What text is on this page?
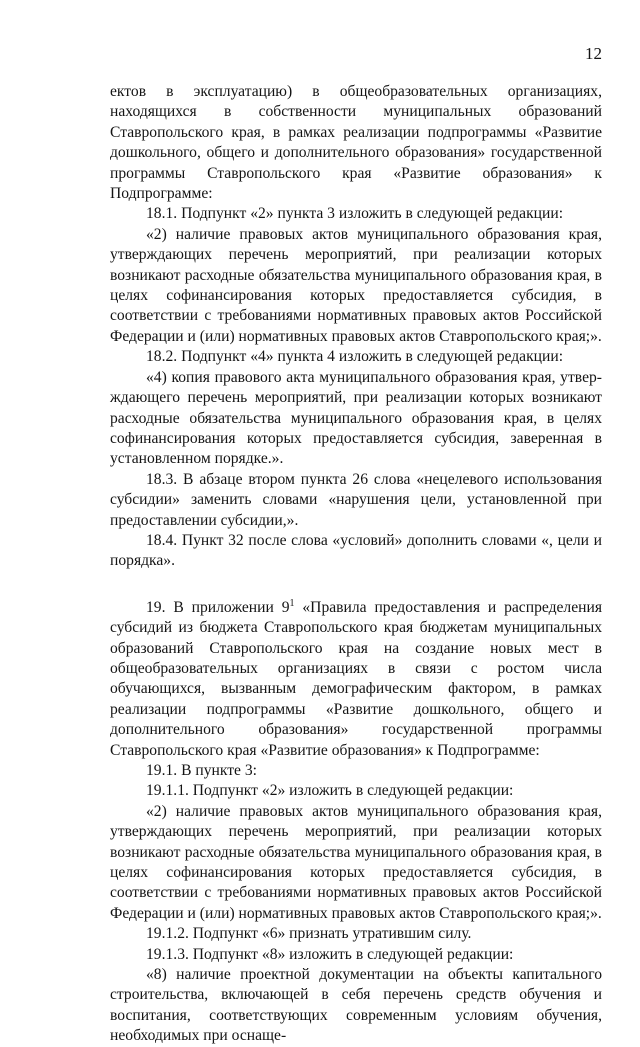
12

ектов в эксплуатацию) в общеобразовательных организациях, находящихся в собственности муниципальных образований Ставропольского края, в рамках реализации подпрограммы «Развитие дошкольного, общего и дополнительного образования» государственной программы Ставропольского края «Развитие образования» к Подпрограмме:

18.1. Подпункт «2» пункта 3 изложить в следующей редакции:

«2) наличие правовых актов муниципального образования края, утверждающих перечень мероприятий, при реализации которых возникают расходные обязательства муниципального образования края, в целях софинансирования которых предоставляется субсидия, в соответствии с требованиями нормативных правовых актов Российской Федерации и (или) нормативных правовых актов Ставропольского края;».

18.2. Подпункт «4» пункта 4 изложить в следующей редакции:

«4) копия правового акта муниципального образования края, утверждающего перечень мероприятий, при реализации которых возникают расходные обязательства муниципального образования края, в целях софинансирования которых предоставляется субсидия, заверенная в установленном порядке.».

18.3. В абзаце втором пункта 26 слова «нецелевого использования субсидии» заменить словами «нарушения цели, установленной при предоставлении субсидии,».

18.4. Пункт 32 после слова «условий» дополнить словами «, цели и порядка».

19. В приложении $9^1$ «Правила предоставления и распределения субсидий из бюджета Ставропольского края бюджетам муниципальных образований Ставропольского края на создание новых мест в общеобразовательных организациях в связи с ростом числа обучающихся, вызванным демографическим фактором, в рамках реализации подпрограммы «Развитие дошкольного, общего и дополнительного образования» государственной программы Ставропольского края «Развитие образования» к Подпрограмме:

19.1. В пункте 3:

19.1.1. Подпункт «2» изложить в следующей редакции:

«2) наличие правовых актов муниципального образования края, утверждающих перечень мероприятий, при реализации которых возникают расходные обязательства муниципального образования края, в целях софинансирования которых предоставляется субсидия, в соответствии с требованиями нормативных правовых актов Российской Федерации и (или) нормативных правовых актов Ставропольского края;».

19.1.2. Подпункт «6» признать утратившим силу.

19.1.3. Подпункт «8» изложить в следующей редакции:

«8) наличие проектной документации на объекты капитального строительства, включающей в себя перечень средств обучения и воспитания, соответствующих современным условиям обучения, необходимых при оснаще-
